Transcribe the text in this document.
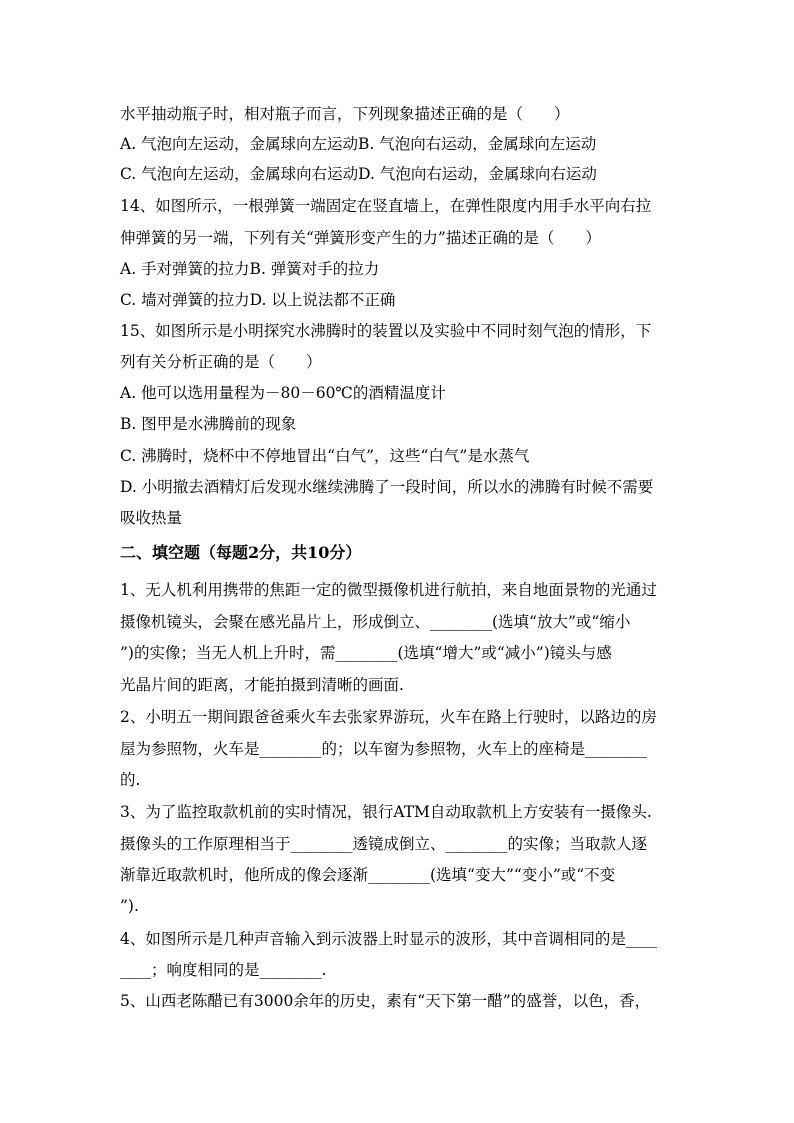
水平抽动瓶子时，相对瓶子而言，下列现象描述正确的是（　　）
A. 气泡向左运动，金属球向左运动B. 气泡向右运动，金属球向左运动
C. 气泡向左运动，金属球向右运动D. 气泡向右运动，金属球向右运动
14、如图所示，一根弹簧一端固定在竖直墙上，在弹性限度内用手水平向右拉
伸弹簧的另一端，下列有关“弹簧形变产生的力”描述正确的是（　　）
A. 手对弹簧的拉力B. 弹簧对手的拉力
C. 墙对弹簧的拉力D. 以上说法都不正确
15、如图所示是小明探究水沸腾时的装置以及实验中不同时刻气泡的情形，下
列有关分析正确的是（　　）
A. 他可以选用量程为－80－60℃的酒精温度计
B. 图甲是水沸腾前的现象
C. 沸腾时，烧杯中不停地冒出“白气”，这些“白气”是水蒸气
D. 小明撤去酒精灯后发现水继续沸腾了一段时间，所以水的沸腾有时候不需要
吸收热量
二、填空题（每题2分，共10分）
1、无人机利用携带的焦距一定的微型摄像机进行航拍，来自地面景物的光通过
摄像机镜头，会聚在感光晶片上，形成倒立、________(选填“放大”或“缩小
”)的实像；当无人机上升时，需________(选填“增大”或“减小”)镜头与感
光晶片间的距离，才能拍摄到清晰的画面.
2、小明五一期间跟爸爸乘火车去张家界游玩，火车在路上行驶时，以路边的房
屋为参照物，火车是________的；以车窗为参照物，火车上的座椅是________
的.
3、为了监控取款机前的实时情况，银行ATM自动取款机上方安装有一摄像头.
摄像头的工作原理相当于________透镜成倒立、________的实像；当取款人逐
渐靠近取款机时，他所成的像会逐渐________(选填“变大”“变小”或“不变
”).
4、如图所示是几种声音输入到示波器上时显示的波形，其中音调相同的是____
____；响度相同的是________.
5、山西老陈醋已有3000余年的历史，素有“天下第一醋”的盛誉，以色，香，
